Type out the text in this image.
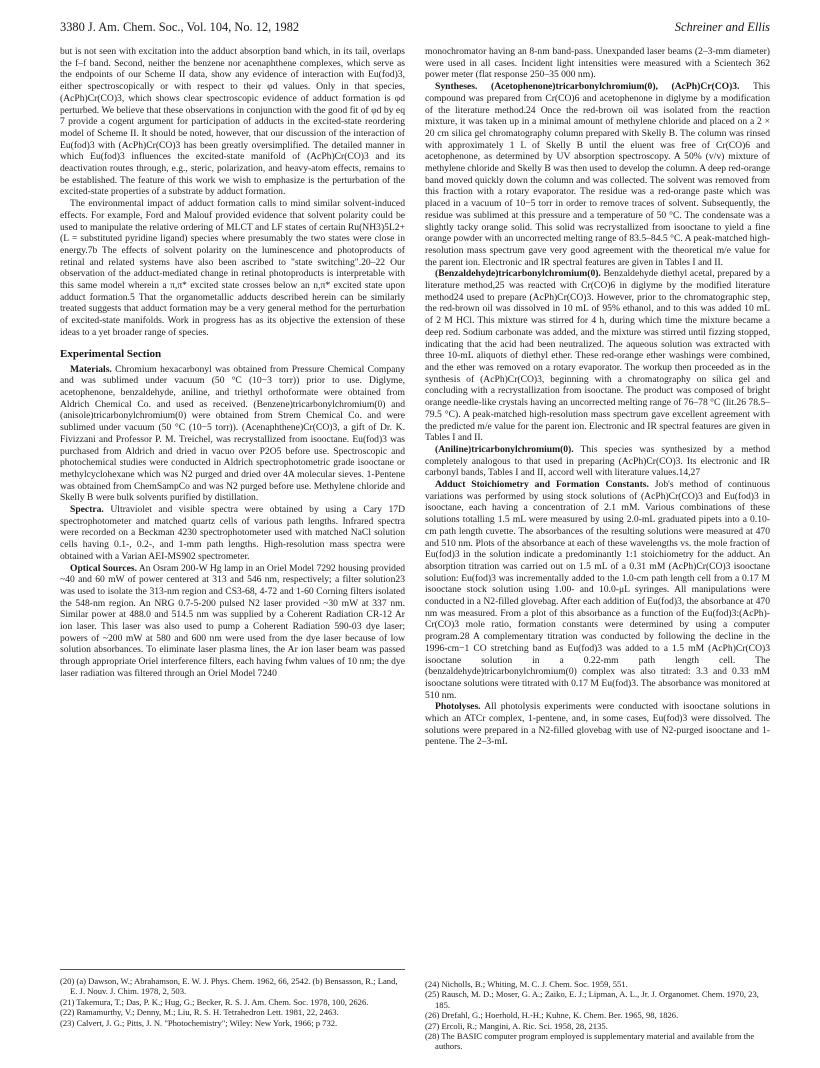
3380 J. Am. Chem. Soc., Vol. 104, No. 12, 1982	Schreiner and Ellis

but is not seen with excitation into the adduct absorption band which, in its tail, overlaps the f–f band. Second, neither the benzene nor acenaphthene complexes, which serve as the endpoints of our Scheme II data, show any evidence of interaction with Eu(fod)3, either spectroscopically or with respect to their φd values. Only in that species, (AcPh)Cr(CO)3, which shows clear spectroscopic evidence of adduct formation is φd perturbed. We believe that these observations in conjunction with the good fit of φd by eq 7 provide a cogent argument for participation of adducts in the excited-state reordering model of Scheme II. It should be noted, however, that our discussion of the interaction of Eu(fod)3 with (AcPh)Cr(CO)3 has been greatly oversimplified. The detailed manner in which Eu(fod)3 influences the excited-state manifold of (AcPh)Cr(CO)3 and its deactivation routes through, e.g., steric, polarization, and heavy-atom effects, remains to be established. The feature of this work we wish to emphasize is the perturbation of the excited-state properties of a substrate by adduct formation.

The environmental impact of adduct formation calls to mind similar solvent-induced effects. For example, Ford and Malouf provided evidence that solvent polarity could be used to manipulate the relative ordering of MLCT and LF states of certain Ru(NH3)5L2+ (L = substituted pyridine ligand) species where presumably the two states were close in energy.7b The effects of solvent polarity on the luminescence and photoproducts of retinal and related systems have also been ascribed to "state switching".20–22 Our observation of the adduct-mediated change in retinal photoproducts is interpretable with this same model wherein a π,π* excited state crosses below an n,π* excited state upon adduct formation.5 That the organometallic adducts described herein can be similarly treated suggests that adduct formation may be a very general method for the perturbation of excited-state manifolds. Work in progress has as its objective the extension of these ideas to a yet broader range of species.

Experimental Section

Materials. Chromium hexacarbonyl was obtained from Pressure Chemical Company and was sublimed under vacuum (50 °C (10−3 torr)) prior to use. Diglyme, acetophenone, benzaldehyde, aniline, and triethyl orthoformate were obtained from Aldrich Chemical Co. and used as received. (Benzene)tricarbonylchromium(0) and (anisole)tricarbonylchromium(0) were obtained from Strem Chemical Co. and were sublimed under vacuum (50 °C (10−5 torr)). (Acenaphthene)Cr(CO)3, a gift of Dr. K. Fivizzani and Professor P. M. Treichel, was recrystallized from isooctane. Eu(fod)3 was purchased from Aldrich and dried in vacuo over P2O5 before use. Spectroscopic and photochemical studies were conducted in Aldrich spectrophotometric grade isooctane or methylcyclohexane which was N2 purged and dried over 4A molecular sieves. 1-Pentene was obtained from ChemSampCo and was N2 purged before use. Methylene chloride and Skelly B were bulk solvents purified by distillation.

Spectra. Ultraviolet and visible spectra were obtained by using a Cary 17D spectrophotometer and matched quartz cells of various path lengths. Infrared spectra were recorded on a Beckman 4230 spectrophotometer used with matched NaCl solution cells having 0.1-, 0.2-, and 1-mm path lengths. High-resolution mass spectra were obtained with a Varian AEI-MS902 spectrometer.

Optical Sources. An Osram 200-W Hg lamp in an Oriel Model 7292 housing provided ~40 and 60 mW of power centered at 313 and 546 nm, respectively; a filter solution23 was used to isolate the 313-nm region and CS3-68, 4-72 and 1-60 Corning filters isolated the 548-nm region. An NRG 0.7-5-200 pulsed N2 laser provided ~30 mW at 337 nm. Similar power at 488.0 and 514.5 nm was supplied by a Coherent Radiation CR-12 Ar ion laser. This laser was also used to pump a Coherent Radiation 590-03 dye laser; powers of ~200 mW at 580 and 600 nm were used from the dye laser because of low solution absorbances. To eliminate laser plasma lines, the Ar ion laser beam was passed through appropriate Oriel interference filters, each having fwhm values of 10 nm; the dye laser radiation was filtered through an Oriel Model 7240

monochromator having an 8-nm band-pass. Unexpanded laser beams (2–3-mm diameter) were used in all cases. Incident light intensities were measured with a Scientech 362 power meter (flat response 250–35 000 nm).

Syntheses. (Acetophenone)tricarbonylchromium(0), (AcPh)Cr(CO)3. This compound was prepared from Cr(CO)6 and acetophenone in diglyme by a modification of the literature method.24 Once the red-brown oil was isolated from the reaction mixture, it was taken up in a minimal amount of methylene chloride and placed on a 2 × 20 cm silica gel chromatography column prepared with Skelly B. The column was rinsed with approximately 1 L of Skelly B until the eluent was free of Cr(CO)6 and acetophenone, as determined by UV absorption spectroscopy. A 50% (v/v) mixture of methylene chloride and Skelly B was then used to develop the column. A deep red-orange band moved quickly down the column and was collected. The solvent was removed from this fraction with a rotary evaporator. The residue was a red-orange paste which was placed in a vacuum of 10−5 torr in order to remove traces of solvent. Subsequently, the residue was sublimed at this pressure and a temperature of 50 °C. The condensate was a slightly tacky orange solid. This solid was recrystallized from isooctane to yield a fine orange powder with an uncorrected melting range of 83.5–84.5 °C. A peak-matched high-resolution mass spectrum gave very good agreement with the theoretical m/e value for the parent ion. Electronic and IR spectral features are given in Tables I and II.

(Benzaldehyde)tricarbonylchromium(0). Benzaldehyde diethyl acetal, prepared by a literature method,25 was reacted with Cr(CO)6 in diglyme by the modified literature method24 used to prepare (AcPh)Cr(CO)3. However, prior to the chromatographic step, the red-brown oil was dissolved in 10 mL of 95% ethanol, and to this was added 10 mL of 2 M HCl. This mixture was stirred for 4 h, during which time the mixture became a deep red. Sodium carbonate was added, and the mixture was stirred until fizzing stopped, indicating that the acid had been neutralized. The aqueous solution was extracted with three 10-mL aliquots of diethyl ether. These red-orange ether washings were combined, and the ether was removed on a rotary evaporator. The workup then proceeded as in the synthesis of (AcPh)Cr(CO)3, beginning with a chromatography on silica gel and concluding with a recrystallization from isooctane. The product was composed of bright orange needle-like crystals having an uncorrected melting range of 76–78 °C (lit.26 78.5–79.5 °C). A peak-matched high-resolution mass spectrum gave excellent agreement with the predicted m/e value for the parent ion. Electronic and IR spectral features are given in Tables I and II.

(Aniline)tricarbonylchromium(0). This species was synthesized by a method completely analogous to that used in preparing (AcPh)Cr(CO)3. Its electronic and IR carbonyl bands, Tables I and II, accord well with literature values.14,27

Adduct Stoichiometry and Formation Constants. Job's method of continuous variations was performed by using stock solutions of (AcPh)Cr(CO)3 and Eu(fod)3 in isooctane, each having a concentration of 2.1 mM. Various combinations of these solutions totalling 1.5 mL were measured by using 2.0-mL graduated pipets into a 0.10-cm path length cuvette. The absorbances of the resulting solutions were measured at 470 and 510 nm. Plots of the absorbance at each of these wavelengths vs. the mole fraction of Eu(fod)3 in the solution indicate a predominantly 1:1 stoichiometry for the adduct. An absorption titration was carried out on 1.5 mL of a 0.31 mM (AcPh)Cr(CO)3 isooctane solution: Eu(fod)3 was incrementally added to the 1.0-cm path length cell from a 0.17 M isooctane stock solution using 1.00- and 10.0-μL syringes. All manipulations were conducted in a N2-filled glovebag. After each addition of Eu(fod)3, the absorbance at 470 nm was measured. From a plot of this absorbance as a function of the Eu(fod)3:(AcPh)-Cr(CO)3 mole ratio, formation constants were determined by using a computer program.28 A complementary titration was conducted by following the decline in the 1996-cm−1 CO stretching band as Eu(fod)3 was added to a 1.5 mM (AcPh)Cr(CO)3 isooctane solution in a 0.22-mm path length cell. The (benzaldehyde)tricarbonylchromium(0) complex was also titrated: 3.3 and 0.33 mM isooctane solutions were titrated with 0.17 M Eu(fod)3. The absorbance was monitored at 510 nm.

Photolyses. All photolysis experiments were conducted with isooctane solutions in which an ATCr complex, 1-pentene, and, in some cases, Eu(fod)3 were dissolved. The solutions were prepared in a N2-filled glovebag with use of N2-purged isooctane and 1-pentene. The 2–3-mL

(20) (a) Dawson, W.; Abrahamson, E. W. J. Phys. Chem. 1962, 66, 2542. (b) Bensasson, R.; Land, E. J. Nouv. J. Chim. 1978, 2, 503.
(21) Takemura, T.; Das, P. K.; Hug, G.; Becker, R. S. J. Am. Chem. Soc. 1978, 100, 2626.
(22) Ramamurthy, V.; Denny, M.; Liu, R. S. H. Tetrahedron Lett. 1981, 22, 2463.
(23) Calvert, J. G.; Pitts, J. N. "Photochemistry"; Wiley: New York, 1966; p 732.
(24) Nicholls, B.; Whiting, M. C. J. Chem. Soc. 1959, 551.
(25) Rausch, M. D.; Moser, G. A.; Zaiko, E. J.; Lipman, A. L., Jr. J. Organomet. Chem. 1970, 23, 185.
(26) Drefahl, G.; Hoerhold, H.-H.; Kuhne, K. Chem. Ber. 1965, 98, 1826.
(27) Ercoli, R.; Mangini, A. Ric. Sci. 1958, 28, 2135.
(28) The BASIC computer program employed is supplementary material and available from the authors.
